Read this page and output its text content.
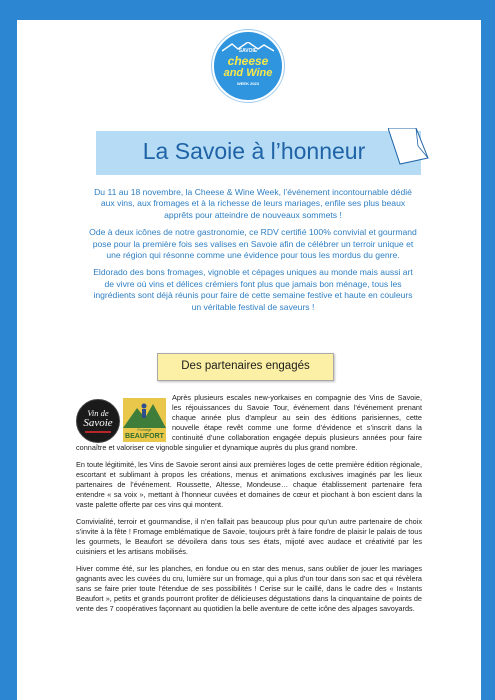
SAVOIE
cheese
and Wine
WEEK 2023
La Savoie à l’honneur

Du 11 au 18 novembre, la Cheese & Wine Week, l’événement incontournable dédié aux vins, aux fromages et à la richesse de leurs mariages, enfile ses plus beaux apprêts pour atteindre de nouveaux sommets !

Ode à deux icônes de notre gastronomie, ce RDV certifié 100% convivial et gourmand pose pour la première fois ses valises en Savoie afin de célébrer un terroir unique et une région qui résonne comme une évidence pour tous les mordus du genre.

Eldorado des bons fromages, vignoble et cépages uniques au monde mais aussi art de vivre où vins et délices crémiers font plus que jamais bon ménage, tous les ingrédients sont déjà réunis pour faire de cette semaine festive et haute en couleurs un véritable festival de saveurs !

Des partenaires engagés
Vin de
Savoie
Fromage
BEAUFORT

Après plusieurs escales new-yorkaises en compagnie des Vins de Savoie, les réjouissances du Savoie Tour, événement dans l’événement prenant chaque année plus d’ampleur au sein des éditions parisiennes, cette nouvelle étape revêt comme une forme d’évidence et s’inscrit dans la continuité d’une collaboration engagée depuis plusieurs années pour faire connaître et valoriser ce vignoble singulier et dynamique auprès du plus grand nombre.

En toute légitimité, les Vins de Savoie seront ainsi aux premières loges de cette première édition régionale, escortant et sublimant à propos les créations, menus et animations exclusives imaginés par les lieux partenaires de l’événement. Roussette, Altesse, Mondeuse… chaque établissement partenaire fera entendre « sa voix », mettant à l’honneur cuvées et domaines de cœur et piochant à bon escient dans la vaste palette offerte par ces vins qui montent.

Convivialité, terroir et gourmandise, il n’en fallait pas beaucoup plus pour qu’un autre partenaire de choix s’invite à la fête ! Fromage emblématique de Savoie, toujours prêt à faire fondre de plaisir le palais de tous les gourmets, le Beaufort se dévoilera dans tous ses états, mijoté avec audace et créativité par les cuisiniers et les artisans mobilisés.

Hiver comme été, sur les planches, en fondue ou en star des menus, sans oublier de jouer les mariages gagnants avec les cuvées du cru, lumière sur un fromage, qui a plus d’un tour dans son sac et qui révèlera sans se faire prier toute l’étendue de ses possibilités ! Cerise sur le caillé, dans le cadre des « Instants Beaufort », petits et grands pourront profiter de délicieuses dégustations dans la cinquantaine de points de vente des 7 coopératives façonnant au quotidien la belle aventure de cette icône des alpages savoyards.
